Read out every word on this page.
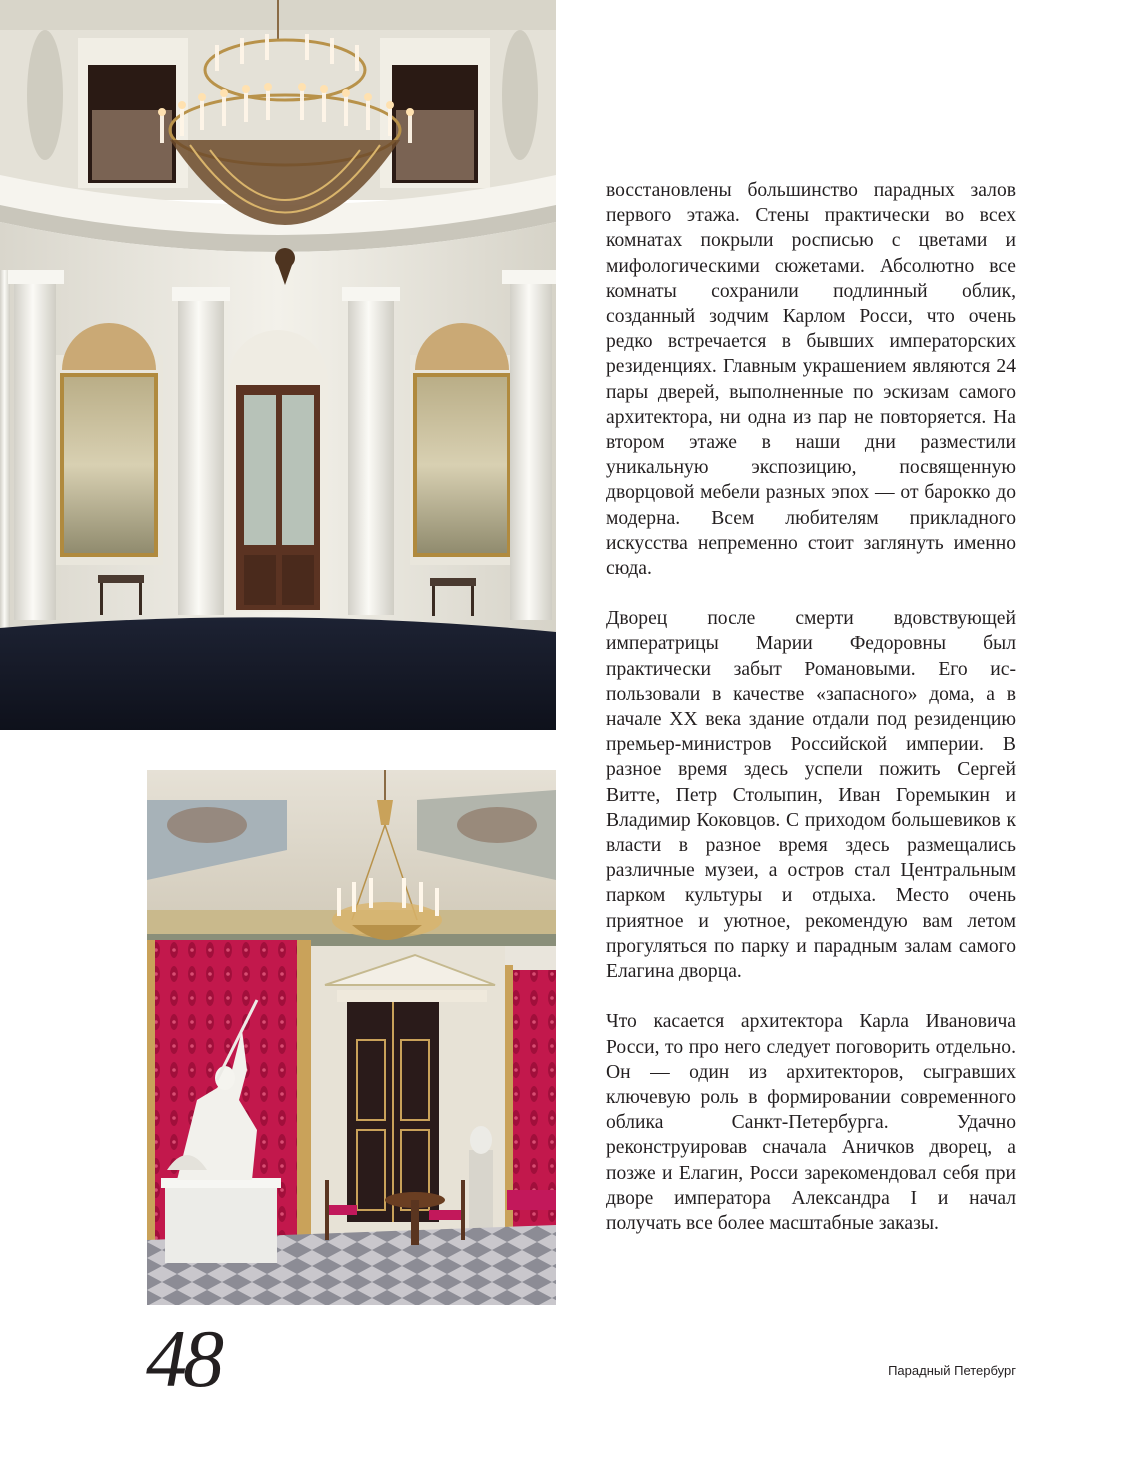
восстановлены большинство парадных залов первого этажа. Стены практически во всех комнатах покрыли росписью с цветами и мифологическими сюжетами. Абсолютно все комнаты сохранили подлинный облик, созданный зодчим Карлом Росси, что очень редко встречается в бывших императорских резиденциях. Главным украшением являются 24 пары дверей, выполненные по эскизам самого архитектора, ни одна из пар не повторяется. На втором этаже в наши дни разместили уникальную экспозицию, посвященную дворцовой мебели разных эпох — от барокко до модерна. Всем любителям прикладного искусства непременно стоит заглянуть именно сюда.

Дворец после смерти вдовствующей императрицы Марии Федоровны был практически забыт Романовыми. Его использовали в качестве «запасного» дома, а в начале XX века здание отдали под резиденцию премьер-министров Российской империи. В разное время здесь успели пожить Сергей Витте, Петр Столыпин, Иван Горемыкин и Владимир Коковцов. С приходом большевиков к власти в разное время здесь размещались различные музеи, а остров стал Центральным парком культуры и отдыха. Место очень приятное и уютное, рекомендую вам летом прогуляться по парку и парадным залам самого Елагина дворца.

Что касается архитектора Карла Ивановича Росси, то про него следует поговорить отдельно. Он — один из архитекторов, сыгравших ключевую роль в формировании современного облика Санкт-Петербурга. Удачно реконструировав сначала Аничков дворец, а позже и Елагин, Росси зарекомендовал себя при дворе императора Александра I и начал получать все более масштабные заказы.

48	Парадный Петербург
